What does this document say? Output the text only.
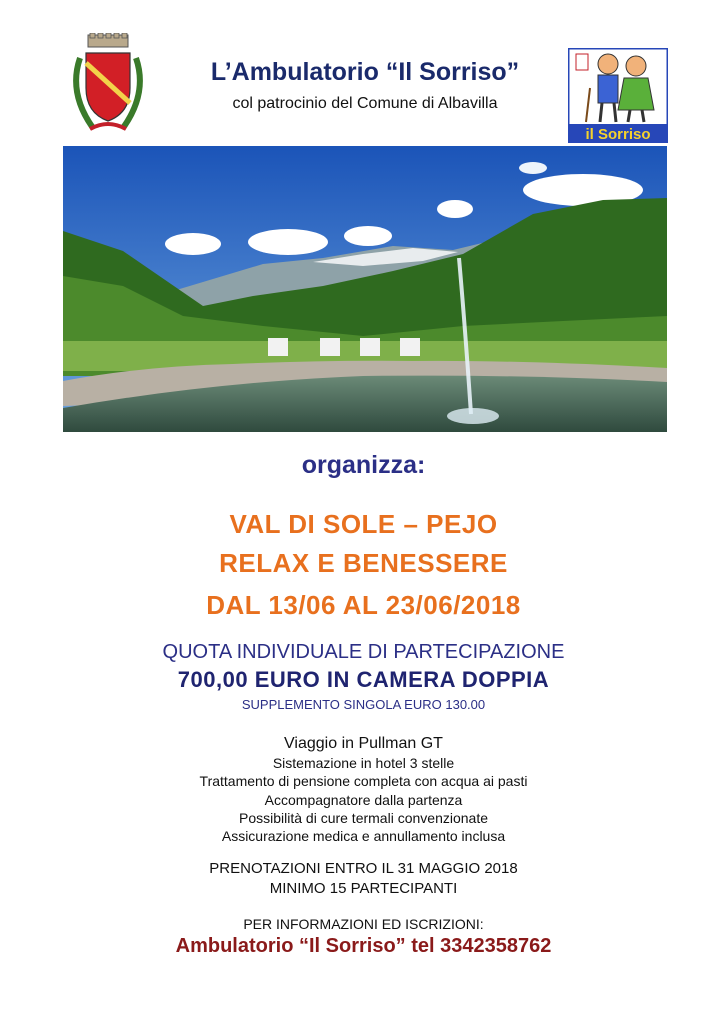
L’Ambulatorio “Il Sorriso”
col patrocinio del Comune di Albavilla
il Sorriso
organizza:
VAL DI SOLE – PEJO
RELAX E BENESSERE
DAL 13/06 AL 23/06/2018
QUOTA INDIVIDUALE DI PARTECIPAZIONE
700,00 EURO IN CAMERA DOPPIA
SUPPLEMENTO SINGOLA EURO 130.00
Viaggio in Pullman GT
Sistemazione in hotel 3 stelle
Trattamento di pensione completa con acqua ai pasti
Accompagnatore dalla partenza
Possibilità di cure termali convenzionate
Assicurazione medica e annullamento inclusa
PRENOTAZIONI ENTRO IL 31 MAGGIO 2018
MINIMO 15 PARTECIPANTI
PER INFORMAZIONI ED ISCRIZIONI:
Ambulatorio “Il Sorriso” tel 3342358762
